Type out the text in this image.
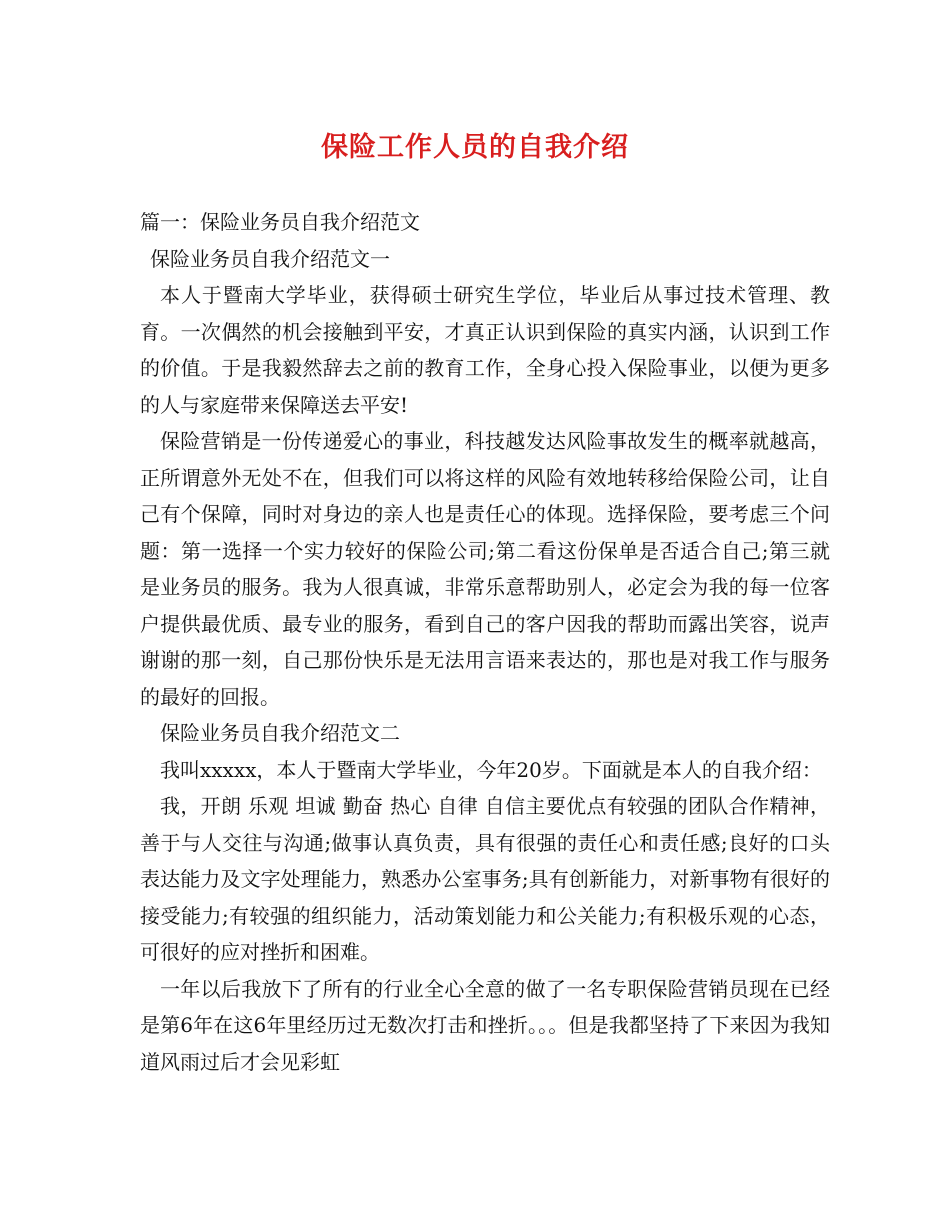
保险工作人员的自我介绍

篇一：保险业务员自我介绍范文

保险业务员自我介绍范文一

本人于暨南大学毕业，获得硕士研究生学位，毕业后从事过技术管理、教育。一次偶然的机会接触到平安，才真正认识到保险的真实内涵，认识到工作的价值。于是我毅然辞去之前的教育工作，全身心投入保险事业，以便为更多的人与家庭带来保障送去平安!

保险营销是一份传递爱心的事业，科技越发达风险事故发生的概率就越高，正所谓意外无处不在，但我们可以将这样的风险有效地转移给保险公司，让自己有个保障，同时对身边的亲人也是责任心的体现。选择保险，要考虑三个问题：第一选择一个实力较好的保险公司;第二看这份保单是否适合自己;第三就是业务员的服务。我为人很真诚，非常乐意帮助别人，必定会为我的每一位客户提供最优质、最专业的服务，看到自己的客户因我的帮助而露出笑容，说声谢谢的那一刻，自己那份快乐是无法用言语来表达的，那也是对我工作与服务的最好的回报。

保险业务员自我介绍范文二

我叫xxxxx，本人于暨南大学毕业，今年20岁。下面就是本人的自我介绍：

我，开朗 乐观 坦诚 勤奋 热心 自律 自信主要优点有较强的团队合作精神，善于与人交往与沟通;做事认真负责，具有很强的责任心和责任感;良好的口头表达能力及文字处理能力，熟悉办公室事务;具有创新能力，对新事物有很好的接受能力;有较强的组织能力，活动策划能力和公关能力;有积极乐观的心态，可很好的应对挫折和困难。

一年以后我放下了所有的行业全心全意的做了一名专职保险营销员现在已经是第6年在这6年里经历过无数次打击和挫折。。。但是我都坚持了下来因为我知道风雨过后才会见彩虹
